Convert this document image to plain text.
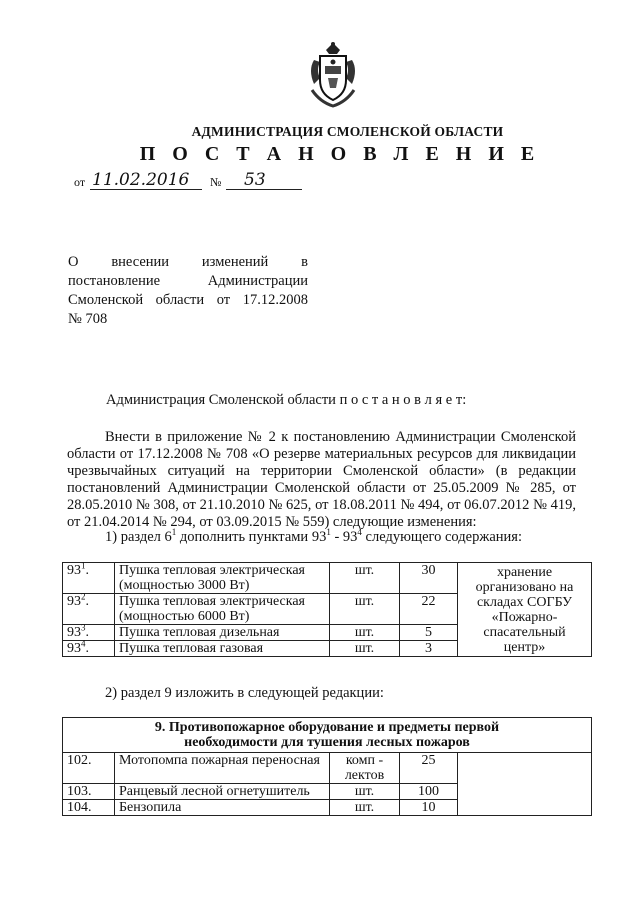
АДМИНИСТРАЦИЯ СМОЛЕНСКОЙ ОБЛАСТИ
П О С Т А Н О В Л Е Н И Е
от 11.02.2016 № 53
О внесении изменений в постановление Администрации Смоленской области от 17.12.2008
№ 708
Администрация Смоленской области п о с т а н о в л я е т:
Внести в приложение № 2 к постановлению Администрации Смоленской области от 17.12.2008 № 708 «О резерве материальных ресурсов для ликвидации чрезвычайных ситуаций на территории Смоленской области» (в редакции постановлений Администрации Смоленской области от 25.05.2009 № 285, от 28.05.2010 № 308, от 21.10.2010 № 625, от 18.08.2011 № 494, от 06.07.2012 № 419, от 21.04.2014 № 294, от 03.09.2015 № 559) следующие изменения:
1) раздел $6^1$ дополнить пунктами $93^1 - 93^4$ следующего содержания:
$93^1$.	Пушка тепловая электрическая (мощностью 3000 Вт)	шт.	30	хранение организовано на складах СОГБУ «Пожарно-спасательный центр»
$93^2$.	Пушка тепловая электрическая (мощностью 6000 Вт)	шт.	22	
$93^3$.	Пушка тепловая дизельная	шт.	5	
$93^4$.	Пушка тепловая газовая	шт.	3	
2) раздел 9 изложить в следующей редакции:
9. Противопожарное оборудование и предметы первой необходимости для тушения лесных пожаров				
102.	Мотопомпа пожарная переносная	комп - лектов	25	
103.	Ранцевый лесной огнетушитель	шт.	100	
104.	Бензопила	шт.	10	
